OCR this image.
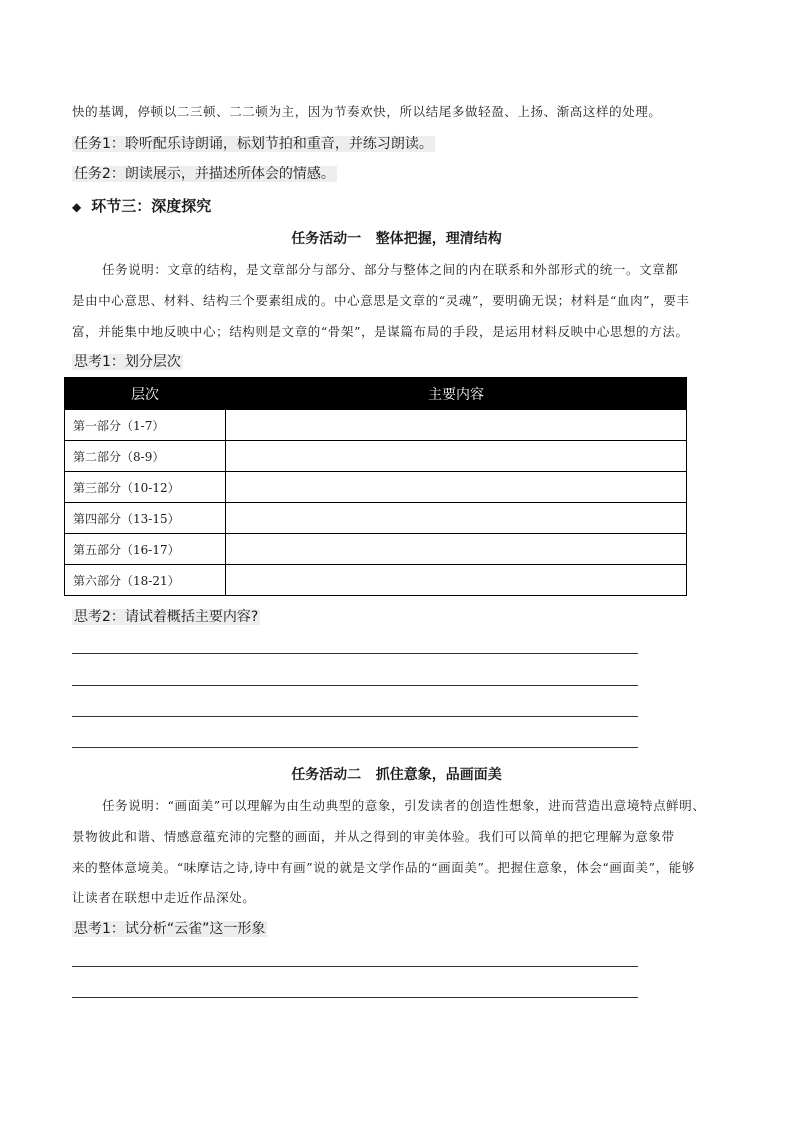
快的基调，停顿以二三顿、二二顿为主，因为节奏欢快，所以结尾多做轻盈、上扬、渐高这样的处理。
任务1：聆听配乐诗朗诵，标划节拍和重音，并练习朗读。
任务2：朗读展示，并描述所体会的情感。
◆ 环节三：深度探究
任务活动一   整体把握，理清结构
任务说明：文章的结构，是文章部分与部分、部分与整体之间的内在联系和外部形式的统一。文章都
是由中心意思、材料、结构三个要素组成的。中心意思是文章的“灵魂”，要明确无误；材料是“血肉”，要丰
富，并能集中地反映中心；结构则是文章的“骨架”，是谋篇布局的手段，是运用材料反映中心思想的方法。
思考1：划分层次
层次	主要内容
第一部分（1-7）	
第二部分（8-9）	
第三部分（10-12）	
第四部分（13-15）	
第五部分（16-17）	
第六部分（18-21）	
思考2：请试着概括主要内容?
任务活动二   抓住意象，品画面美
任务说明：“画面美”可以理解为由生动典型的意象，引发读者的创造性想象，进而营造出意境特点鲜明、
景物彼此和谐、情感意蕴充沛的完整的画面，并从之得到的审美体验。我们可以简单的把它理解为意象带
来的整体意境美。“味摩诘之诗,诗中有画”说的就是文学作品的“画面美”。把握住意象，体会“画面美”，能够
让读者在联想中走近作品深处。
思考1：试分析“云雀”这一形象
